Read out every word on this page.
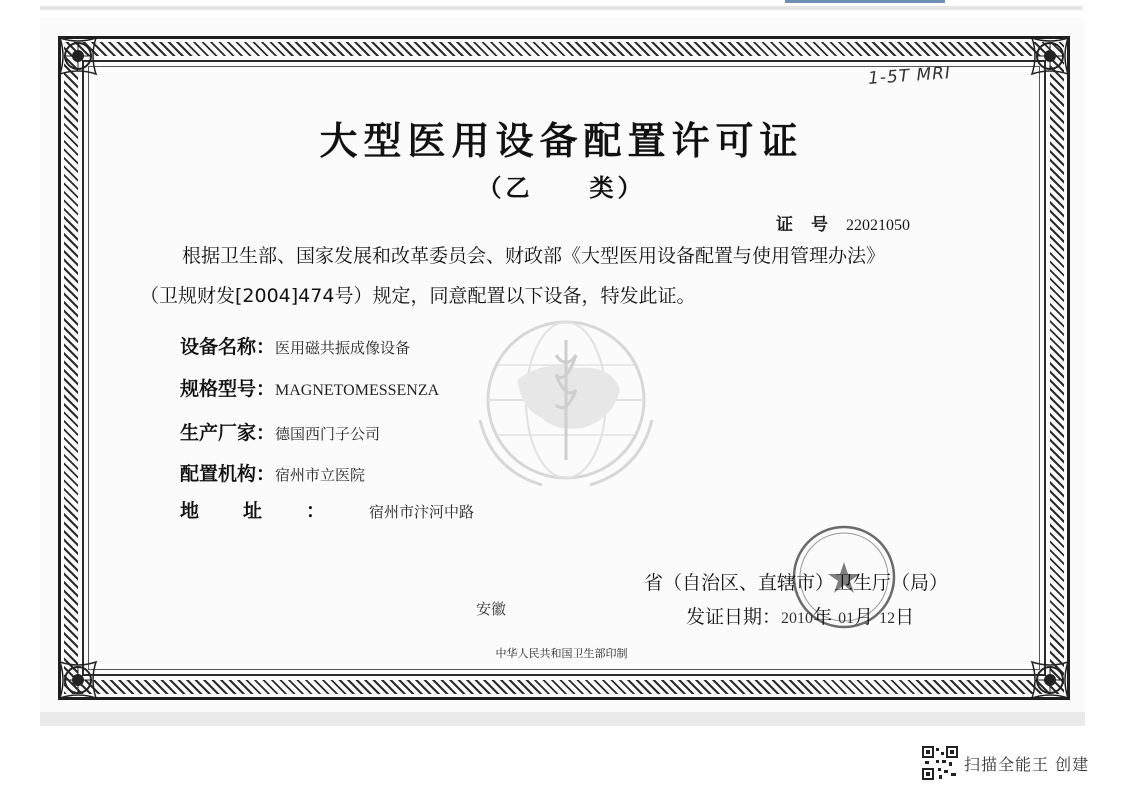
1-5T MRI
大型医用设备配置许可证
（乙　　类）
证号22021050
根据卫生部、国家发展和改革委员会、财政部《大型医用设备配置与使用管理办法》
（卫规财发[2004]474号）规定，同意配置以下设备，特发此证。
设备名称：医用磁共振成像设备
规格型号：MAGNETOMESSENZA
生产厂家：德国西门子公司
配置机构：宿州市立医院
地址：宿州市汴河中路
省（自治区、直辖市）卫生厅（局）
安徽	发证日期：2010年 01月 12日
中华人民共和国卫生部印制
扫描全能王 创建
